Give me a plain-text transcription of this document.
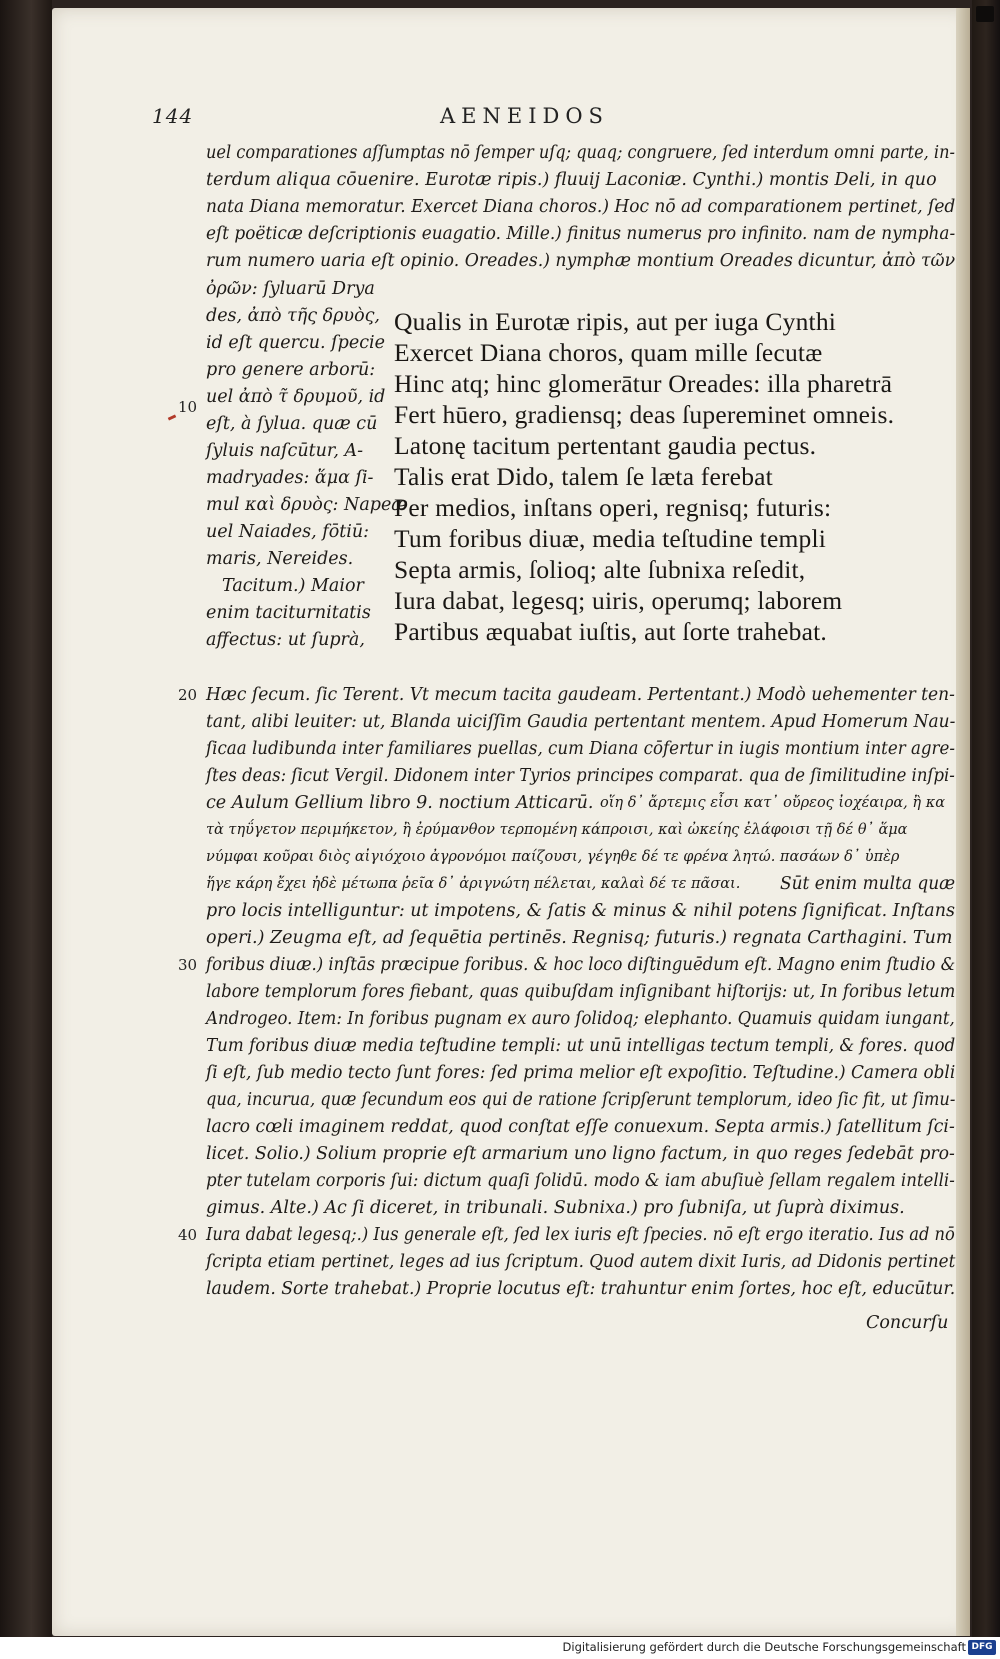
144	AENEIDOS
uel comparationes aſſumptas nō ſemper uſq; quaq; congruere, ſed interdum omni parte, in-
terdum aliqua cōuenire. Eurotæ ripis.) fluuij Laconiæ. Cynthi.) montis Deli, in quo
nata Diana memoratur. Exercet Diana choros.) Hoc nō ad comparationem pertinet, ſed
eſt poëticæ deſcriptionis euagatio. Mille.) finitus numerus pro infinito. nam de nympha-
rum numero uaria eſt opinio. Oreades.) nymphæ montium Oreades dicuntur, ἀπὸ τῶν
ὀρῶν: ſyluarū Drya
des, ἀπὸ τῆς δρυὸς,
id eſt quercu. ſpecie
pro genere arborū:
uel ἀπὸ τ̃ δρυμοῦ, id
eſt, à ſylua. quæ cū
ſyluis naſcūtur, A-
madryades: ἅμα ſi-
mul καὶ δρυὸς: Napeæ
uel Naiades, fōtiū:
maris, Nereides.
Tacitum.) Maior
enim taciturnitatis
affectus: ut ſuprà,
Qualis in Eurotæ ripis, aut per iuga Cynthi
Exercet Diana choros, quam mille ſecutæ
Hinc atq; hinc glomerātur Oreades: illa pharetrā
Fert hūero, gradiensq; deas ſupereminet omneis.
Latonę tacitum pertentant gaudia pectus.
Talis erat Dido, talem ſe læta ferebat
Per medios, inſtans operi, regnisq; futuris:
Tum foribus diuæ, media teſtudine templi
Septa armis, ſolioq; alte ſubnixa reſedit,
Iura dabat, legesq; uiris, operumq; laborem
Partibus æquabat iuſtis, aut ſorte trahebat.
Hæc ſecum. ſic Terent. Vt mecum tacita gaudeam. Pertentant.) Modò uehementer ten-
tant, alibi leuiter: ut, Blanda uiciſſim Gaudia pertentant mentem. Apud Homerum Nau-
ſicaa ludibunda inter familiares puellas, cum Diana cōfertur in iugis montium inter agre-
ſtes deas: ſicut Vergil. Didonem inter Tyrios principes comparat. qua de ſimilitudine inſpi-
ce Aulum Gellium libro 9. noctium Atticarū. οἵη δ᾽ ἄρτεμις εἶσι κατ᾽ οὔρεος ἰοχέαιρα, ἢ κα
τὰ τηΰγετον περιμήκετον, ἢ ἐρύμανθον τερπομένη κάπροισι, καὶ ὠκείης ἐλάφοισι τῇ δέ θ᾽ ἅμα
νύμφαι κοῦραι διὸς αἰγιόχοιο ἀγρονόμοι παίζουσι, γέγηθε δέ τε φρένα λητώ. πασάων δ᾽ ὑπὲρ
ἥγε κάρη ἔχει ἠδὲ μέτωπα ῥεῖα δ᾽ ἀριγνώτη πέλεται, καλαὶ δέ τε πᾶσαι. Sūt enim multa quæ
pro locis intelliguntur: ut impotens, & ſatis & minus & nihil potens ſignificat. Inſtans
operi.) Zeugma eſt, ad ſequētia pertinēs. Regnisq; futuris.) regnata Carthagini. Tum
foribus diuæ.) inſtās præcipue foribus. & hoc loco diſtinguēdum eſt. Magno enim ſtudio &
labore templorum fores fiebant, quas quibuſdam inſignibant hiſtorijs: ut, In foribus letum
Androgeo. Item: In foribus pugnam ex auro ſolidoq; elephanto. Quamuis quidam iungant,
Tum foribus diuæ media teſtudine templi: ut unū intelligas tectum templi, & fores. quod
ſi eſt, ſub medio tecto ſunt fores: ſed prima melior eſt expoſitio. Teſtudine.) Camera obli
qua, incurua, quæ ſecundum eos qui de ratione ſcripſerunt templorum, ideo ſic fit, ut ſimu-
lacro cœli imaginem reddat, quod conſtat eſſe conuexum. Septa armis.) ſatellitum ſci-
licet. Solio.) Solium proprie eſt armarium uno ligno factum, in quo reges ſedebāt pro-
pter tutelam corporis ſui: dictum quaſi ſolidū. modo & iam abuſiuè ſellam regalem intelli-
gimus. Alte.) Ac ſi diceret, in tribunali. Subnixa.) pro ſubniſa, ut ſuprà diximus.
Iura dabat legesq;.) Ius generale eſt, ſed lex iuris eſt ſpecies. nō eſt ergo iteratio. Ius ad nō
ſcripta etiam pertinet, leges ad ius ſcriptum. Quod autem dixit Iuris, ad Didonis pertinet
laudem. Sorte trahebat.) Proprie locutus eſt: trahuntur enim ſortes, hoc eſt, educūtur.
Concurſu
10
20
30
40
Digitalisierung gefördert durch die Deutsche Forschungsgemeinschaft DFG
